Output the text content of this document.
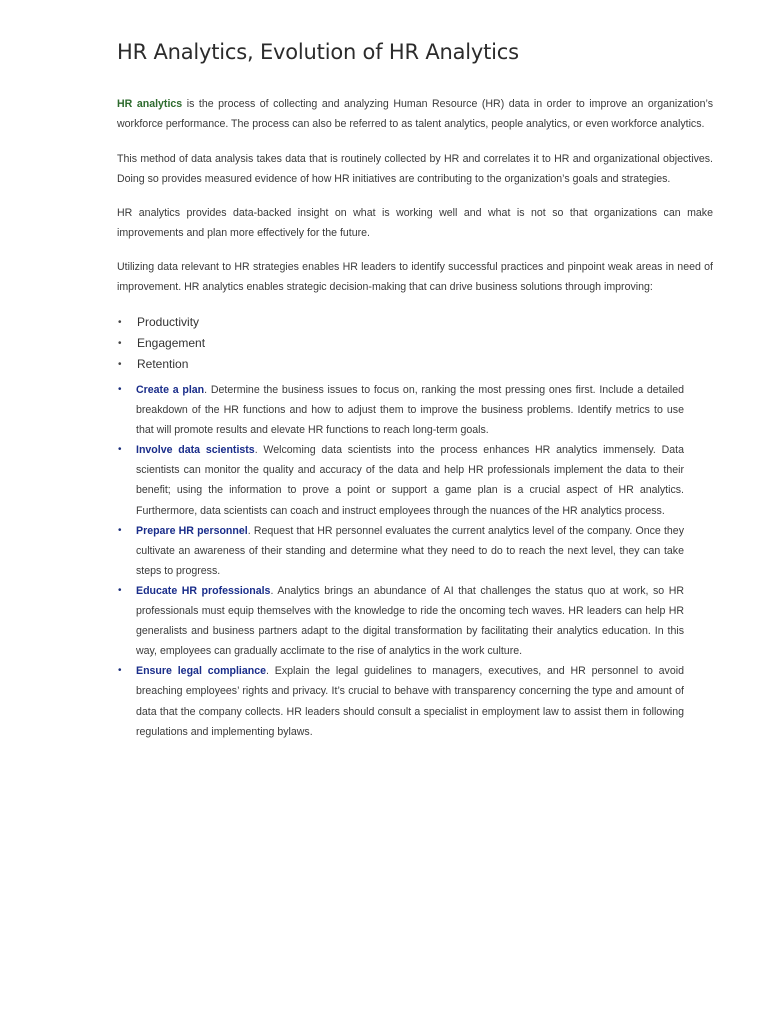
HR Analytics, Evolution of HR Analytics

HR analytics is the process of collecting and analyzing Human Resource (HR) data in order to improve an organization’s workforce performance. The process can also be referred to as talent analytics, people analytics, or even workforce analytics.

This method of data analysis takes data that is routinely collected by HR and correlates it to HR and organizational objectives. Doing so provides measured evidence of how HR initiatives are contributing to the organization’s goals and strategies.

HR analytics provides data-backed insight on what is working well and what is not so that organizations can make improvements and plan more effectively for the future.

Utilizing data relevant to HR strategies enables HR leaders to identify successful practices and pinpoint weak areas in need of improvement. HR analytics enables strategic decision-making that can drive business solutions through improving:

• Productivity
• Engagement
• Retention
•	Create a plan. Determine the business issues to focus on, ranking the most pressing ones first. Include a detailed breakdown of the HR functions and how to adjust them to improve the business problems. Identify metrics to use that will promote results and elevate HR functions to reach long-term goals.
•	Involve data scientists. Welcoming data scientists into the process enhances HR analytics immensely. Data scientists can monitor the quality and accuracy of the data and help HR professionals implement the data to their benefit; using the information to prove a point or support a game plan is a crucial aspect of HR analytics. Furthermore, data scientists can coach and instruct employees through the nuances of the HR analytics process.
•	Prepare HR personnel. Request that HR personnel evaluates the current analytics level of the company. Once they cultivate an awareness of their standing and determine what they need to do to reach the next level, they can take steps to progress.
•	Educate HR professionals. Analytics brings an abundance of AI that challenges the status quo at work, so HR professionals must equip themselves with the knowledge to ride the oncoming tech waves. HR leaders can help HR generalists and business partners adapt to the digital transformation by facilitating their analytics education. In this way, employees can gradually acclimate to the rise of analytics in the work culture.
•	Ensure legal compliance. Explain the legal guidelines to managers, executives, and HR personnel to avoid breaching employees’ rights and privacy. It’s crucial to behave with transparency concerning the type and amount of data that the company collects. HR leaders should consult a specialist in employment law to assist them in following regulations and implementing bylaws.
